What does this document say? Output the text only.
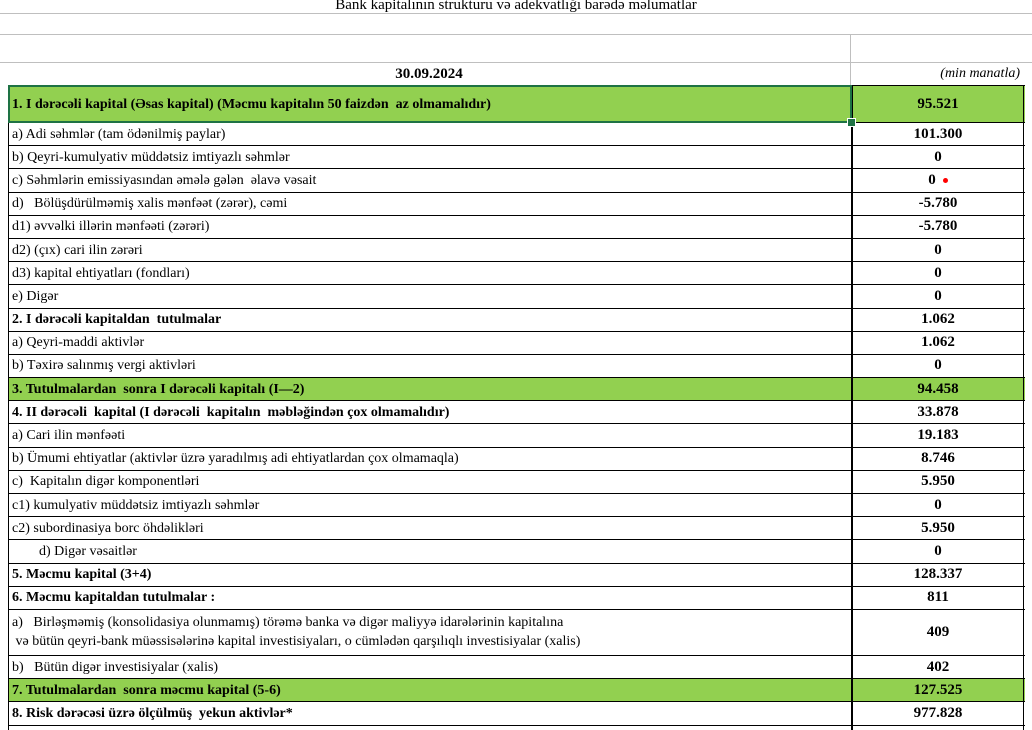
Bank kapitalının strukturu və adekvatlığı barədə məlumatlar
30.09.2024	(min manatla)
1. I dərəcəli kapital (Əsas kapital) (Məcmu kapitalın 50 faizdən  az olmamalıdır)	95.521
a) Adi səhmlər (tam ödənilmiş paylar)	101.300
b) Qeyri-kumulyativ müddətsiz imtiyazlı səhmlər	0
c) Səhmlərin emissiyasından əmələ gələn  əlavə vəsait	0
d)   Bölüşdürülməmiş xalis mənfəət (zərər), cəmi	-5.780
d1) əvvəlki illərin mənfəəti (zərəri)	-5.780
d2) (çıx) cari ilin zərəri	0
d3) kapital ehtiyatları (fondları)	0
e) Digər	0
2. I dərəcəli kapitaldan  tutulmalar	1.062
a) Qeyri-maddi aktivlər	1.062
b) Təxirə salınmış vergi aktivləri	0
3. Tutulmalardan  sonra I dərəcəli kapitalı (I—2)	94.458
4. II dərəcəli  kapital (I dərəcəli  kapitalın  məbləğindən çox olmamalıdır)	33.878
a) Cari ilin mənfəəti	19.183
b) Ümumi ehtiyatlar (aktivlər üzrə yaradılmış adi ehtiyatlardan çox olmamaqla)	8.746
c)  Kapitalın digər komponentləri	5.950
c1) kumulyativ müddətsiz imtiyazlı səhmlər	0
c2) subordinasiya borc öhdəlikləri	5.950
d) Digər vəsaitlər	0
5. Məcmu kapital (3+4)	128.337
6. Məcmu kapitaldan tutulmalar :	811
a)   Birləşməmiş (konsolidasiya olunmamış) törəmə banka və digər maliyyə idarələrinin kapitalına
və bütün qeyri-bank müəssisələrinə kapital investisiyaları, o cümlədən qarşılıqlı investisiyalar (xalis)
409
b)   Bütün digər investisiyalar (xalis)	402
7. Tutulmalardan  sonra məcmu kapital (5-6)	127.525
8. Risk dərəcəsi üzrə ölçülmüş  yekun aktivlər*	977.828
